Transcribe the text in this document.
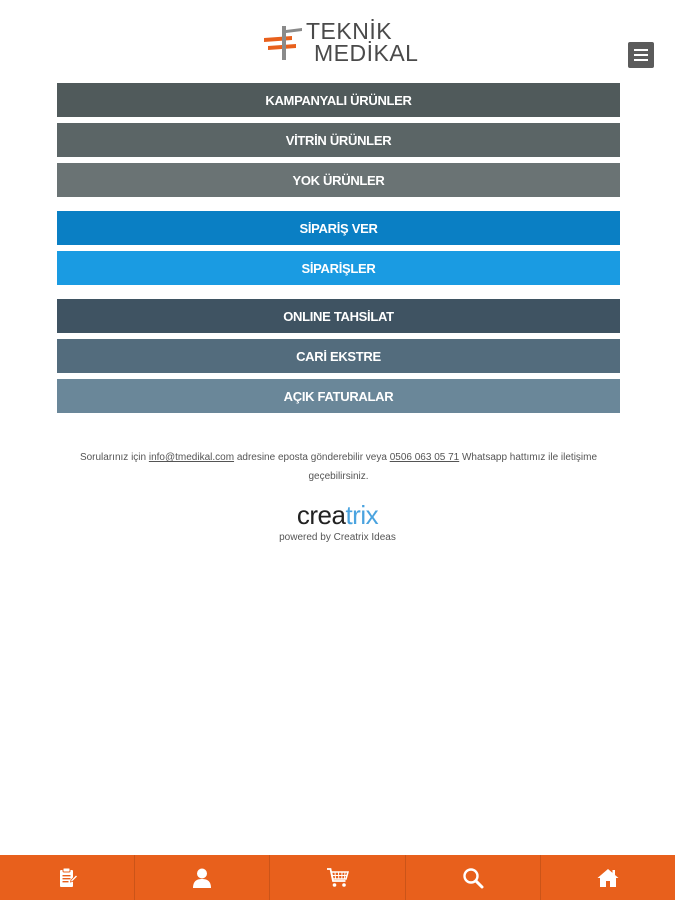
TEKNİK
MEDİKAL
KAMPANYALI ÜRÜNLER
VİTRİN ÜRÜNLER
YOK ÜRÜNLER
SİPARİŞ VER
SİPARİŞLER
ONLINE TAHSİLAT
CARİ EKSTRE
AÇIK FATURALAR
Sorularınız için info@tmedikal.com adresine eposta gönderebilir veya 0506 063 05 71 Whatsapp hattımız ile iletişime geçebilirsiniz.
creatrix
powered by Creatrix Ideas
